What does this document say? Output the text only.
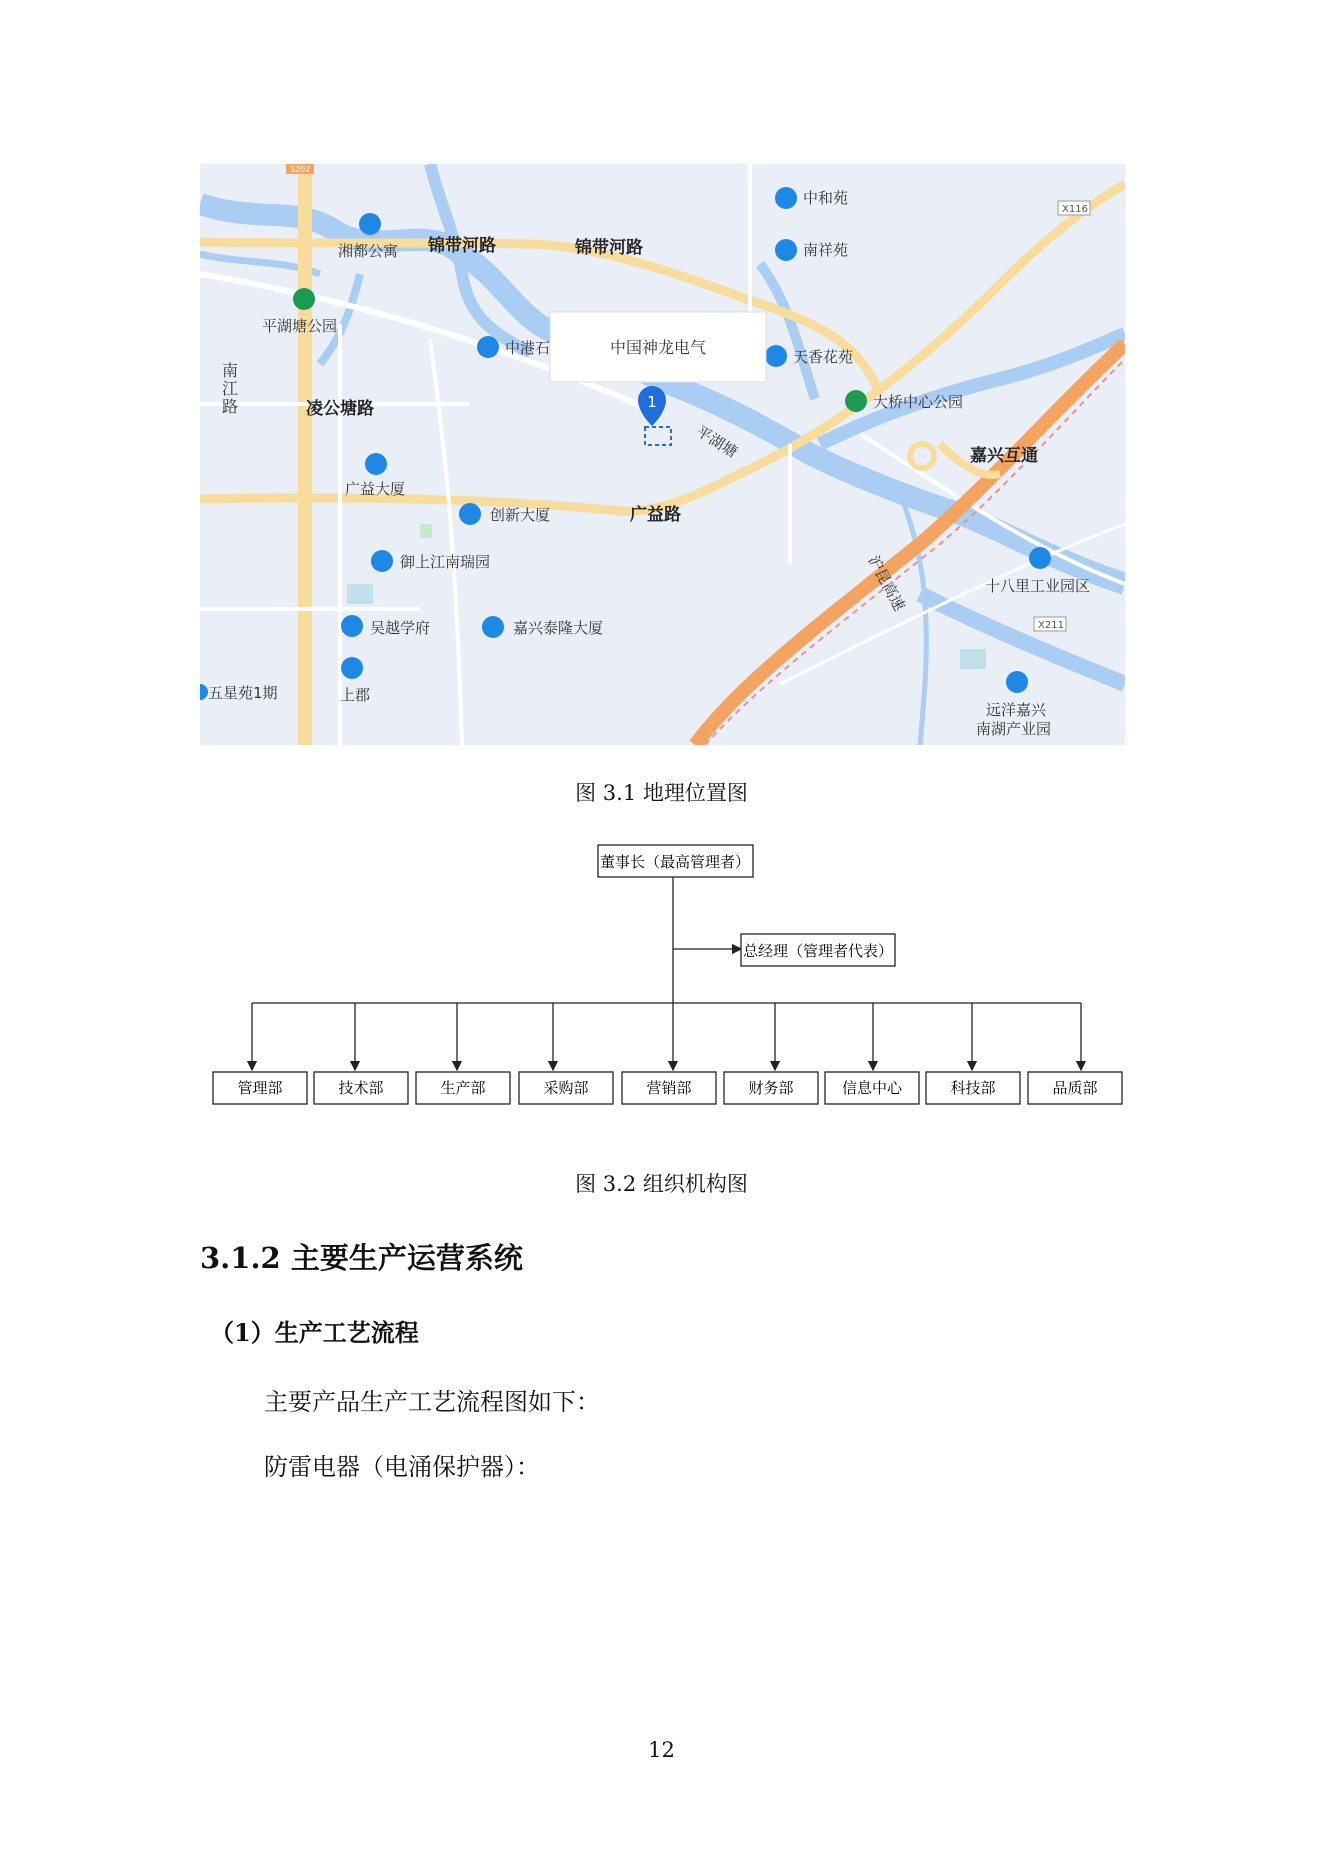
S202
X116
X211
中和苑
南祥苑
湘都公寓
平湖塘公园
中港石	天香花苑
大桥中心公园
广益大厦
创新大厦
御上江南瑞园
十八里工业园区
吴越学府	嘉兴泰隆大厦
上郡
五星苑1期
远洋嘉兴
南湖产业园
锦带河路	锦带河路
凌公塘路
广益路
嘉兴互通
南
江
路
平湖塘
沪昆高速
1
中国神龙电气
图 3.1 地理位置图
董事长（最高管理者）
总经理（管理者代表）
管理部	技术部	生产部	采购部	营销部	财务部	信息中心	科技部	品质部
图 3.2 组织机构图
3.1.2 主要生产运营系统
（1）生产工艺流程
主要产品生产工艺流程图如下：
防雷电器（电涌保护器）：
12
